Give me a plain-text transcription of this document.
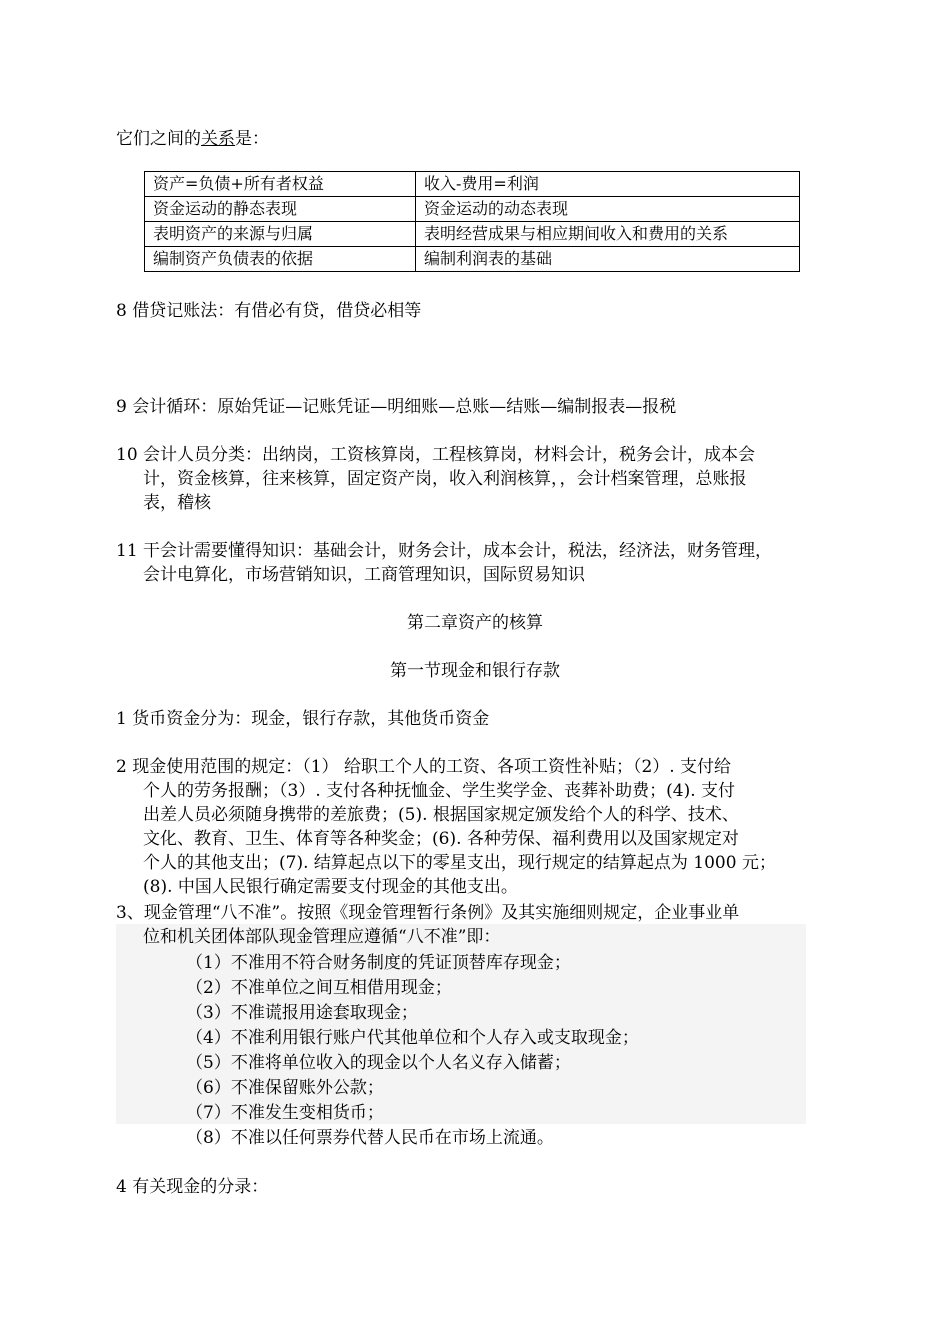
它们之间的关系是：
资产=负债+所有者权益	收入-费用=利润
资金运动的静态表现	资金运动的动态表现
表明资产的来源与归属	表明经营成果与相应期间收入和费用的关系
编制资产负债表的依据	编制利润表的基础
8 借贷记账法：有借必有贷，借贷必相等
9 会计循环：原始凭证—记账凭证—明细账—总账—结账—编制报表—报税
10 会计人员分类：出纳岗，工资核算岗，工程核算岗，材料会计，税务会计，成本会
计，资金核算，往来核算，固定资产岗，收入利润核算，，会计档案管理，总账报
表，稽核
11 干会计需要懂得知识：基础会计，财务会计，成本会计，税法，经济法，财务管理，
会计电算化，市场营销知识，工商管理知识，国际贸易知识
第二章资产的核算
第一节现金和银行存款
1 货币资金分为：现金，银行存款，其他货币资金
2 现金使用范围的规定：（1） 给职工个人的工资、各项工资性补贴；（2）. 支付给
个人的劳务报酬；（3）. 支付各种抚恤金、学生奖学金、丧葬补助费；(4). 支付
出差人员必须随身携带的差旅费；(5). 根据国家规定颁发给个人的科学、技术、
文化、教育、卫生、体育等各种奖金；(6). 各种劳保、福利费用以及国家规定对
个人的其他支出；(7). 结算起点以下的零星支出，现行规定的结算起点为 1000 元；
(8). 中国人民银行确定需要支付现金的其他支出。
3、现金管理“八不准”。按照《现金管理暂行条例》及其实施细则规定，企业事业单
位和机关团体部队现金管理应遵循“八不准”即：
（1）不准用不符合财务制度的凭证顶替库存现金；
（2）不准单位之间互相借用现金；
（3）不准谎报用途套取现金；
（4）不准利用银行账户代其他单位和个人存入或支取现金；
（5）不准将单位收入的现金以个人名义存入储蓄；
（6）不准保留账外公款；
（7）不准发生变相货币；
（8）不准以任何票券代替人民币在市场上流通。
4 有关现金的分录：
